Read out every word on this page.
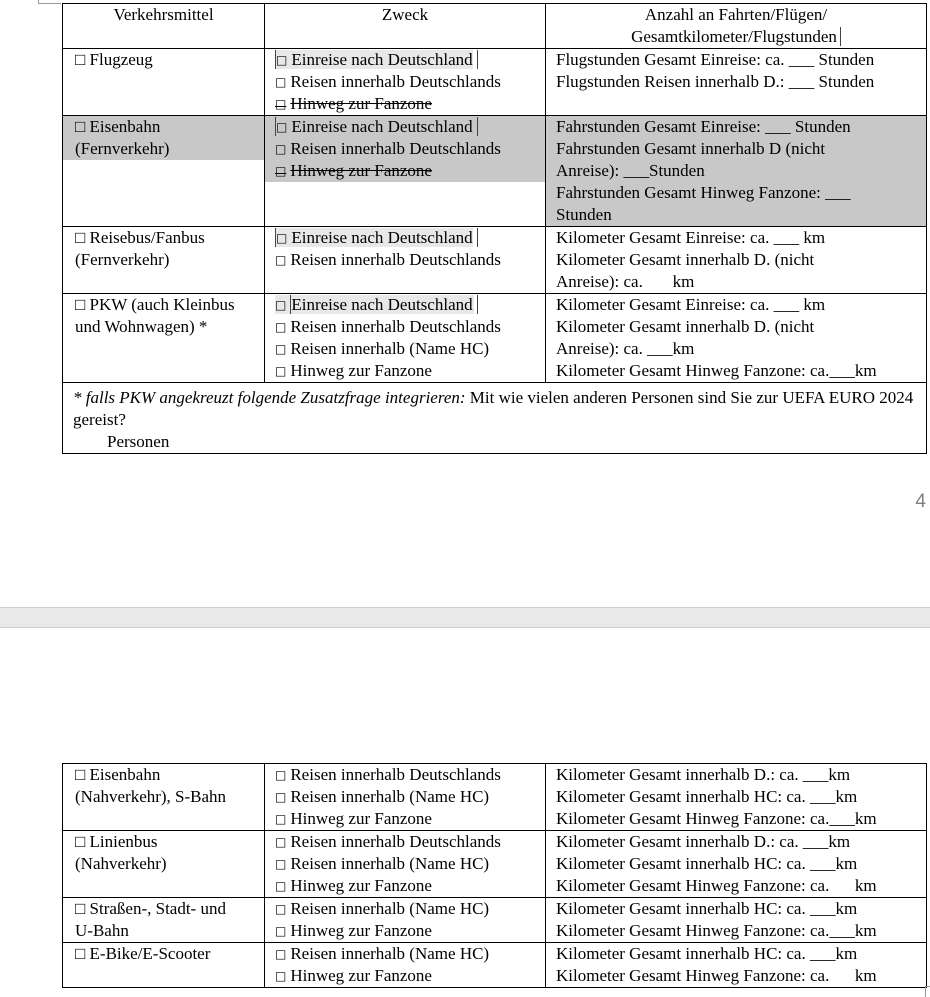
Verkehrsmittel	Zweck	Anzahl an Fahrten/Flügen/
Gesamtkilometer/Flugstunden

□ Flugzeug	□ Einreise nach Deutschland
□ Reisen innerhalb Deutschlands
□ Hinweg zur Fanzone	Flugstunden Gesamt Einreise: ca. ___ Stunden
Flugstunden Reisen innerhalb D.: ___ Stunden

□ Eisenbahn
(Fernverkehr)	□ Einreise nach Deutschland
□ Reisen innerhalb Deutschlands
□ Hinweg zur Fanzone	Fahrstunden Gesamt Einreise: ___ Stunden
Fahrstunden Gesamt innerhalb D (nicht
Anreise): ___Stunden
Fahrstunden Gesamt Hinweg Fanzone: ___
Stunden

□ Reisebus/Fanbus
(Fernverkehr)	□ Einreise nach Deutschland
□ Reisen innerhalb Deutschlands	Kilometer Gesamt Einreise: ca. ___ km
Kilometer Gesamt innerhalb D. (nicht
Anreise): ca.       km

□ PKW (auch Kleinbus
und Wohnwagen) *	□ Einreise nach Deutschland
□ Reisen innerhalb Deutschlands
□ Reisen innerhalb (Name HC)
□ Hinweg zur Fanzone	Kilometer Gesamt Einreise: ca. ___ km
Kilometer Gesamt innerhalb D. (nicht
Anreise): ca. ___km
Kilometer Gesamt Hinweg Fanzone: ca.___km

* falls PKW angekreuzt folgende Zusatzfrage integrieren: Mit wie vielen anderen Personen sind Sie zur UEFA EURO 2024 gereist?
Personen		
4
□ Eisenbahn
(Nahverkehr), S-Bahn	□ Reisen innerhalb Deutschlands
□ Reisen innerhalb (Name HC)
□ Hinweg zur Fanzone	Kilometer Gesamt innerhalb D.: ca. ___km
Kilometer Gesamt innerhalb HC: ca. ___km
Kilometer Gesamt Hinweg Fanzone: ca.___km

□ Linienbus
(Nahverkehr)	□ Reisen innerhalb Deutschlands
□ Reisen innerhalb (Name HC)
□ Hinweg zur Fanzone	Kilometer Gesamt innerhalb D.: ca. ___km
Kilometer Gesamt innerhalb HC: ca. ___km
Kilometer Gesamt Hinweg Fanzone: ca.      km

□ Straßen-, Stadt- und
U-Bahn	□ Reisen innerhalb (Name HC)
□ Hinweg zur Fanzone	Kilometer Gesamt innerhalb HC: ca. ___km
Kilometer Gesamt Hinweg Fanzone: ca.___km

□ E-Bike/E-Scooter	□ Reisen innerhalb (Name HC)
□ Hinweg zur Fanzone	Kilometer Gesamt innerhalb HC: ca. ___km
Kilometer Gesamt Hinweg Fanzone: ca.      km
